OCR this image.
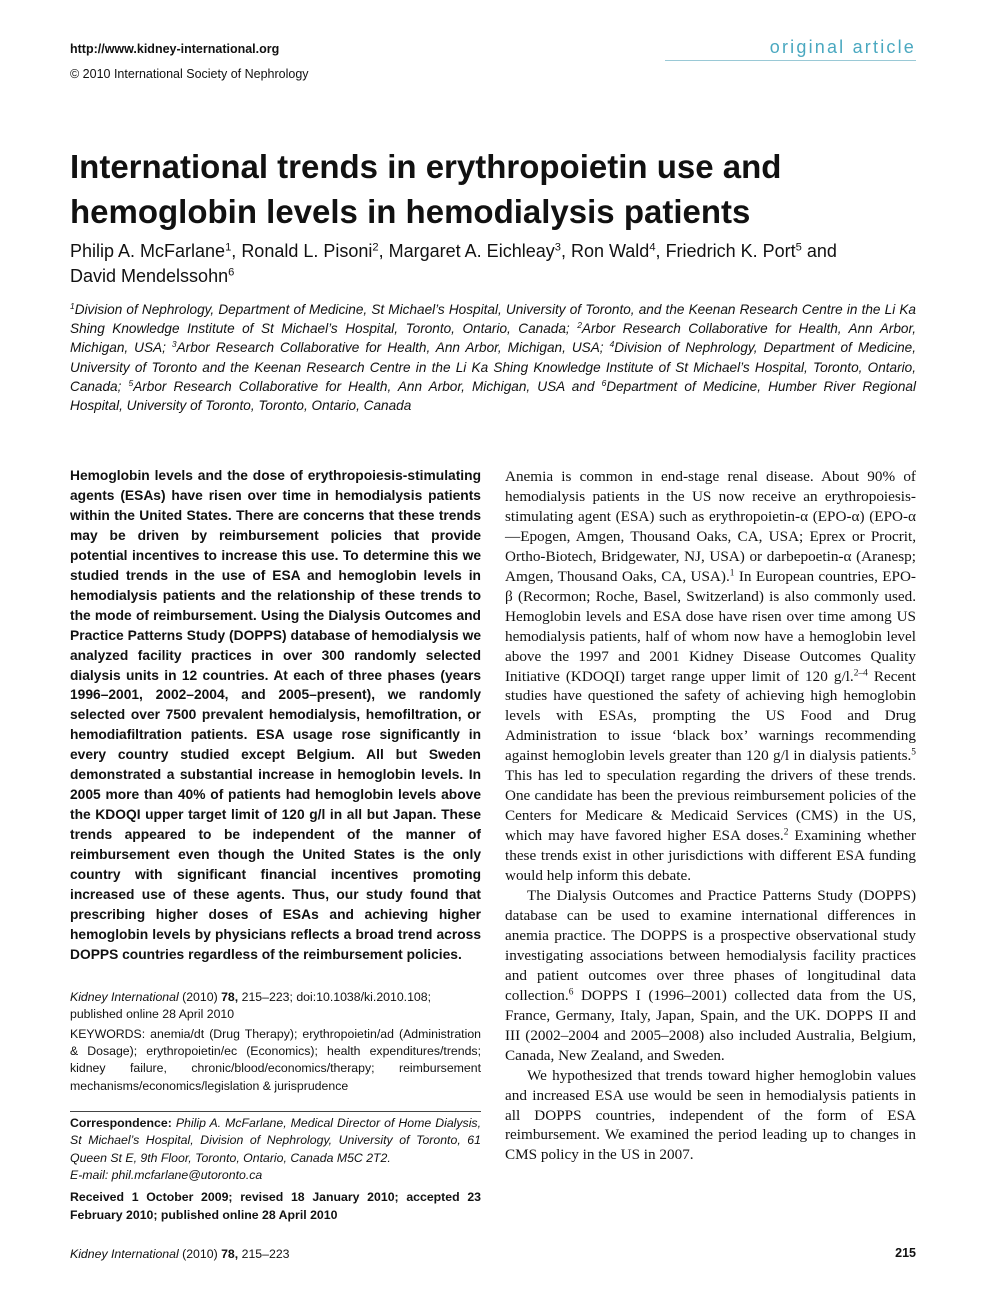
http://www.kidney-international.org	original article
© 2010 International Society of Nephrology
International trends in erythropoietin use and hemoglobin levels in hemodialysis patients
Philip A. McFarlane$^1$, Ronald L. Pisoni$^2$, Margaret A. Eichleay$^3$, Ron Wald$^4$, Friedrich K. Port$^5$ and
David Mendelssohn$^6$
$^1$Division of Nephrology, Department of Medicine, St Michael’s Hospital, University of Toronto, and the Keenan Research Centre in the Li Ka Shing Knowledge Institute of St Michael’s Hospital, Toronto, Ontario, Canada; $^2$Arbor Research Collaborative for Health, Ann Arbor, Michigan, USA; $^3$Arbor Research Collaborative for Health, Ann Arbor, Michigan, USA; $^4$Division of Nephrology, Department of Medicine, University of Toronto and the Keenan Research Centre in the Li Ka Shing Knowledge Institute of St Michael’s Hospital, Toronto, Ontario, Canada; $^5$Arbor Research Collaborative for Health, Ann Arbor, Michigan, USA and $^6$Department of Medicine, Humber River Regional Hospital, University of Toronto, Toronto, Ontario, Canada
Hemoglobin levels and the dose of erythropoiesis-stimulating agents (ESAs) have risen over time in hemodialysis patients within the United States. There are concerns that these trends may be driven by reimbursement policies that provide potential incentives to increase this use. To determine this we studied trends in the use of ESA and hemoglobin levels in hemodialysis patients and the relationship of these trends to the mode of reimbursement. Using the Dialysis Outcomes and Practice Patterns Study (DOPPS) database of hemodialysis we analyzed facility practices in over 300 randomly selected dialysis units in 12 countries. At each of three phases (years 1996–2001, 2002–2004, and 2005–present), we randomly selected over 7500 prevalent hemodialysis, hemofiltration, or hemodiafiltration patients. ESA usage rose significantly in every country studied except Belgium. All but Sweden demonstrated a substantial increase in hemoglobin levels. In 2005 more than 40% of patients had hemoglobin levels above the KDOQI upper target limit of 120 g/l in all but Japan. These trends appeared to be independent of the manner of reimbursement even though the United States is the only country with significant financial incentives promoting increased use of these agents. Thus, our study found that prescribing higher doses of ESAs and achieving higher hemoglobin levels by physicians reflects a broad trend across DOPPS countries regardless of the reimbursement policies.
Kidney International (2010) 78, 215–223; doi:10.1038/ki.2010.108;
published online 28 April 2010
KEYWORDS: anemia/dt (Drug Therapy); erythropoietin/ad (Administration & Dosage); erythropoietin/ec (Economics); health expenditures/trends; kidney failure, chronic/blood/economics/therapy; reimbursement mechanisms/economics/legislation & jurisprudence
Correspondence: Philip A. McFarlane, Medical Director of Home Dialysis, St Michael’s Hospital, Division of Nephrology, University of Toronto, 61 Queen St E, 9th Floor, Toronto, Ontario, Canada M5C 2T2.
E-mail: phil.mcfarlane@utoronto.ca
Received 1 October 2009; revised 18 January 2010; accepted 23 February 2010; published online 28 April 2010

Anemia is common in end-stage renal disease. About 90% of hemodialysis patients in the US now receive an erythropoiesis-stimulating agent (ESA) such as erythropoietin-α (EPO-α) (EPO-α—Epogen, Amgen, Thousand Oaks, CA, USA; Eprex or Procrit, Ortho-Biotech, Bridgewater, NJ, USA) or darbepoetin-α (Aranesp; Amgen, Thousand Oaks, CA, USA).$^1$ In European countries, EPO-β (Recormon; Roche, Basel, Switzerland) is also commonly used. Hemoglobin levels and ESA dose have risen over time among US hemodialysis patients, half of whom now have a hemoglobin level above the 1997 and 2001 Kidney Disease Outcomes Quality Initiative (KDOQI) target range upper limit of 120 g/l.$^{2-4}$ Recent studies have questioned the safety of achieving high hemoglobin levels with ESAs, prompting the US Food and Drug Administration to issue ‘black box’ warnings recommending against hemoglobin levels greater than 120 g/l in dialysis patients.$^5$ This has led to speculation regarding the drivers of these trends. One candidate has been the previous reimbursement policies of the Centers for Medicare & Medicaid Services (CMS) in the US, which may have favored higher ESA doses.$^2$ Examining whether these trends exist in other jurisdictions with different ESA funding would help inform this debate.

The Dialysis Outcomes and Practice Patterns Study (DOPPS) database can be used to examine international differences in anemia practice. The DOPPS is a prospective observational study investigating associations between hemodialysis facility practices and patient outcomes over three phases of longitudinal data collection.$^6$ DOPPS I (1996–2001) collected data from the US, France, Germany, Italy, Japan, Spain, and the UK. DOPPS II and III (2002–2004 and 2005–2008) also included Australia, Belgium, Canada, New Zealand, and Sweden.

We hypothesized that trends toward higher hemoglobin values and increased ESA use would be seen in hemodialysis patients in all DOPPS countries, independent of the form of ESA reimbursement. We examined the period leading up to changes in CMS policy in the US in 2007.

Kidney International (2010) 78, 215–223	215
